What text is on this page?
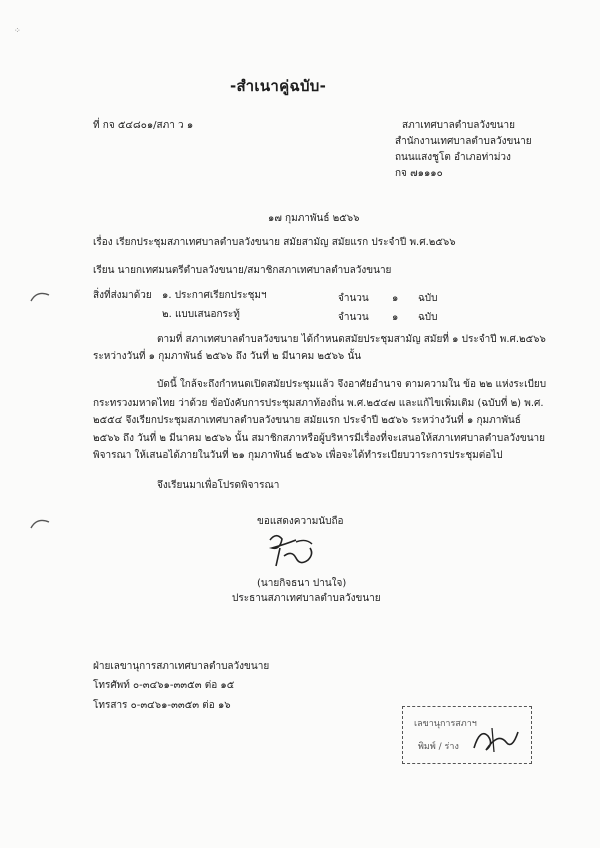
⁘
-สำเนาคู่ฉบับ-
ที่ กจ ๕๔๘๐๑/สภา ว ๑	สภาเทศบาลตำบลวังขนาย
สำนักงานเทศบาลตำบลวังขนาย
ถนนแสงชูโต อำเภอท่าม่วง
กจ ๗๑๑๑๐
๑๗ กุมภาพันธ์ ๒๕๖๖
เรื่อง เรียกประชุมสภาเทศบาลตำบลวังขนาย สมัยสามัญ สมัยแรก ประจำปี พ.ศ.๒๕๖๖
เรียน นายกเทศมนตรีตำบลวังขนาย/สมาชิกสภาเทศบาลตำบลวังขนาย
สิ่งที่ส่งมาด้วย ๑. ประกาศเรียกประชุมฯ	จำนวน ๑ ฉบับ
๒. แบบเสนอกระทู้	จำนวน ๑ ฉบับ
ตามที่ สภาเทศบาลตำบลวังขนาย ได้กำหนดสมัยประชุมสามัญ สมัยที่ ๑ ประจำปี พ.ศ.๒๕๖๖
ระหว่างวันที่ ๑ กุมภาพันธ์ ๒๕๖๖ ถึง วันที่ ๒ มีนาคม ๒๕๖๖ นั้น
บัดนี้ ใกล้จะถึงกำหนดเปิดสมัยประชุมแล้ว จึงอาศัยอำนาจ ตามความใน ข้อ ๒๒ แห่งระเบียบ
กระทรวงมหาดไทย ว่าด้วย ข้อบังคับการประชุมสภาท้องถิ่น พ.ศ.๒๕๔๗ และแก้ไขเพิ่มเติม (ฉบับที่ ๒) พ.ศ.
๒๕๕๔ จึงเรียกประชุมสภาเทศบาลตำบลวังขนาย สมัยแรก ประจำปี ๒๕๖๖ ระหว่างวันที่ ๑ กุมภาพันธ์
๒๕๖๖ ถึง วันที่ ๒ มีนาคม ๒๕๖๖ นั้น สมาชิกสภาหรือผู้บริหารมีเรื่องที่จะเสนอให้สภาเทศบาลตำบลวังขนาย
พิจารณา ให้เสนอได้ภายในวันที่ ๒๑ กุมภาพันธ์ ๒๕๖๖ เพื่อจะได้ทำระเบียบวาระการประชุมต่อไป
จึงเรียนมาเพื่อโปรดพิจารณา
ขอแสดงความนับถือ
(นายกิจธนา ปานใจ)
ประธานสภาเทศบาลตำบลวังขนาย
ฝ่ายเลขานุการสภาเทศบาลตำบลวังขนาย
โทรศัพท์ ๐-๓๔๖๑-๓๓๕๓ ต่อ ๑๕
โทรสาร ๐-๓๔๖๑-๓๓๕๓ ต่อ ๑๖
เลขานุการสภาฯ
พิมพ์ / ร่าง
